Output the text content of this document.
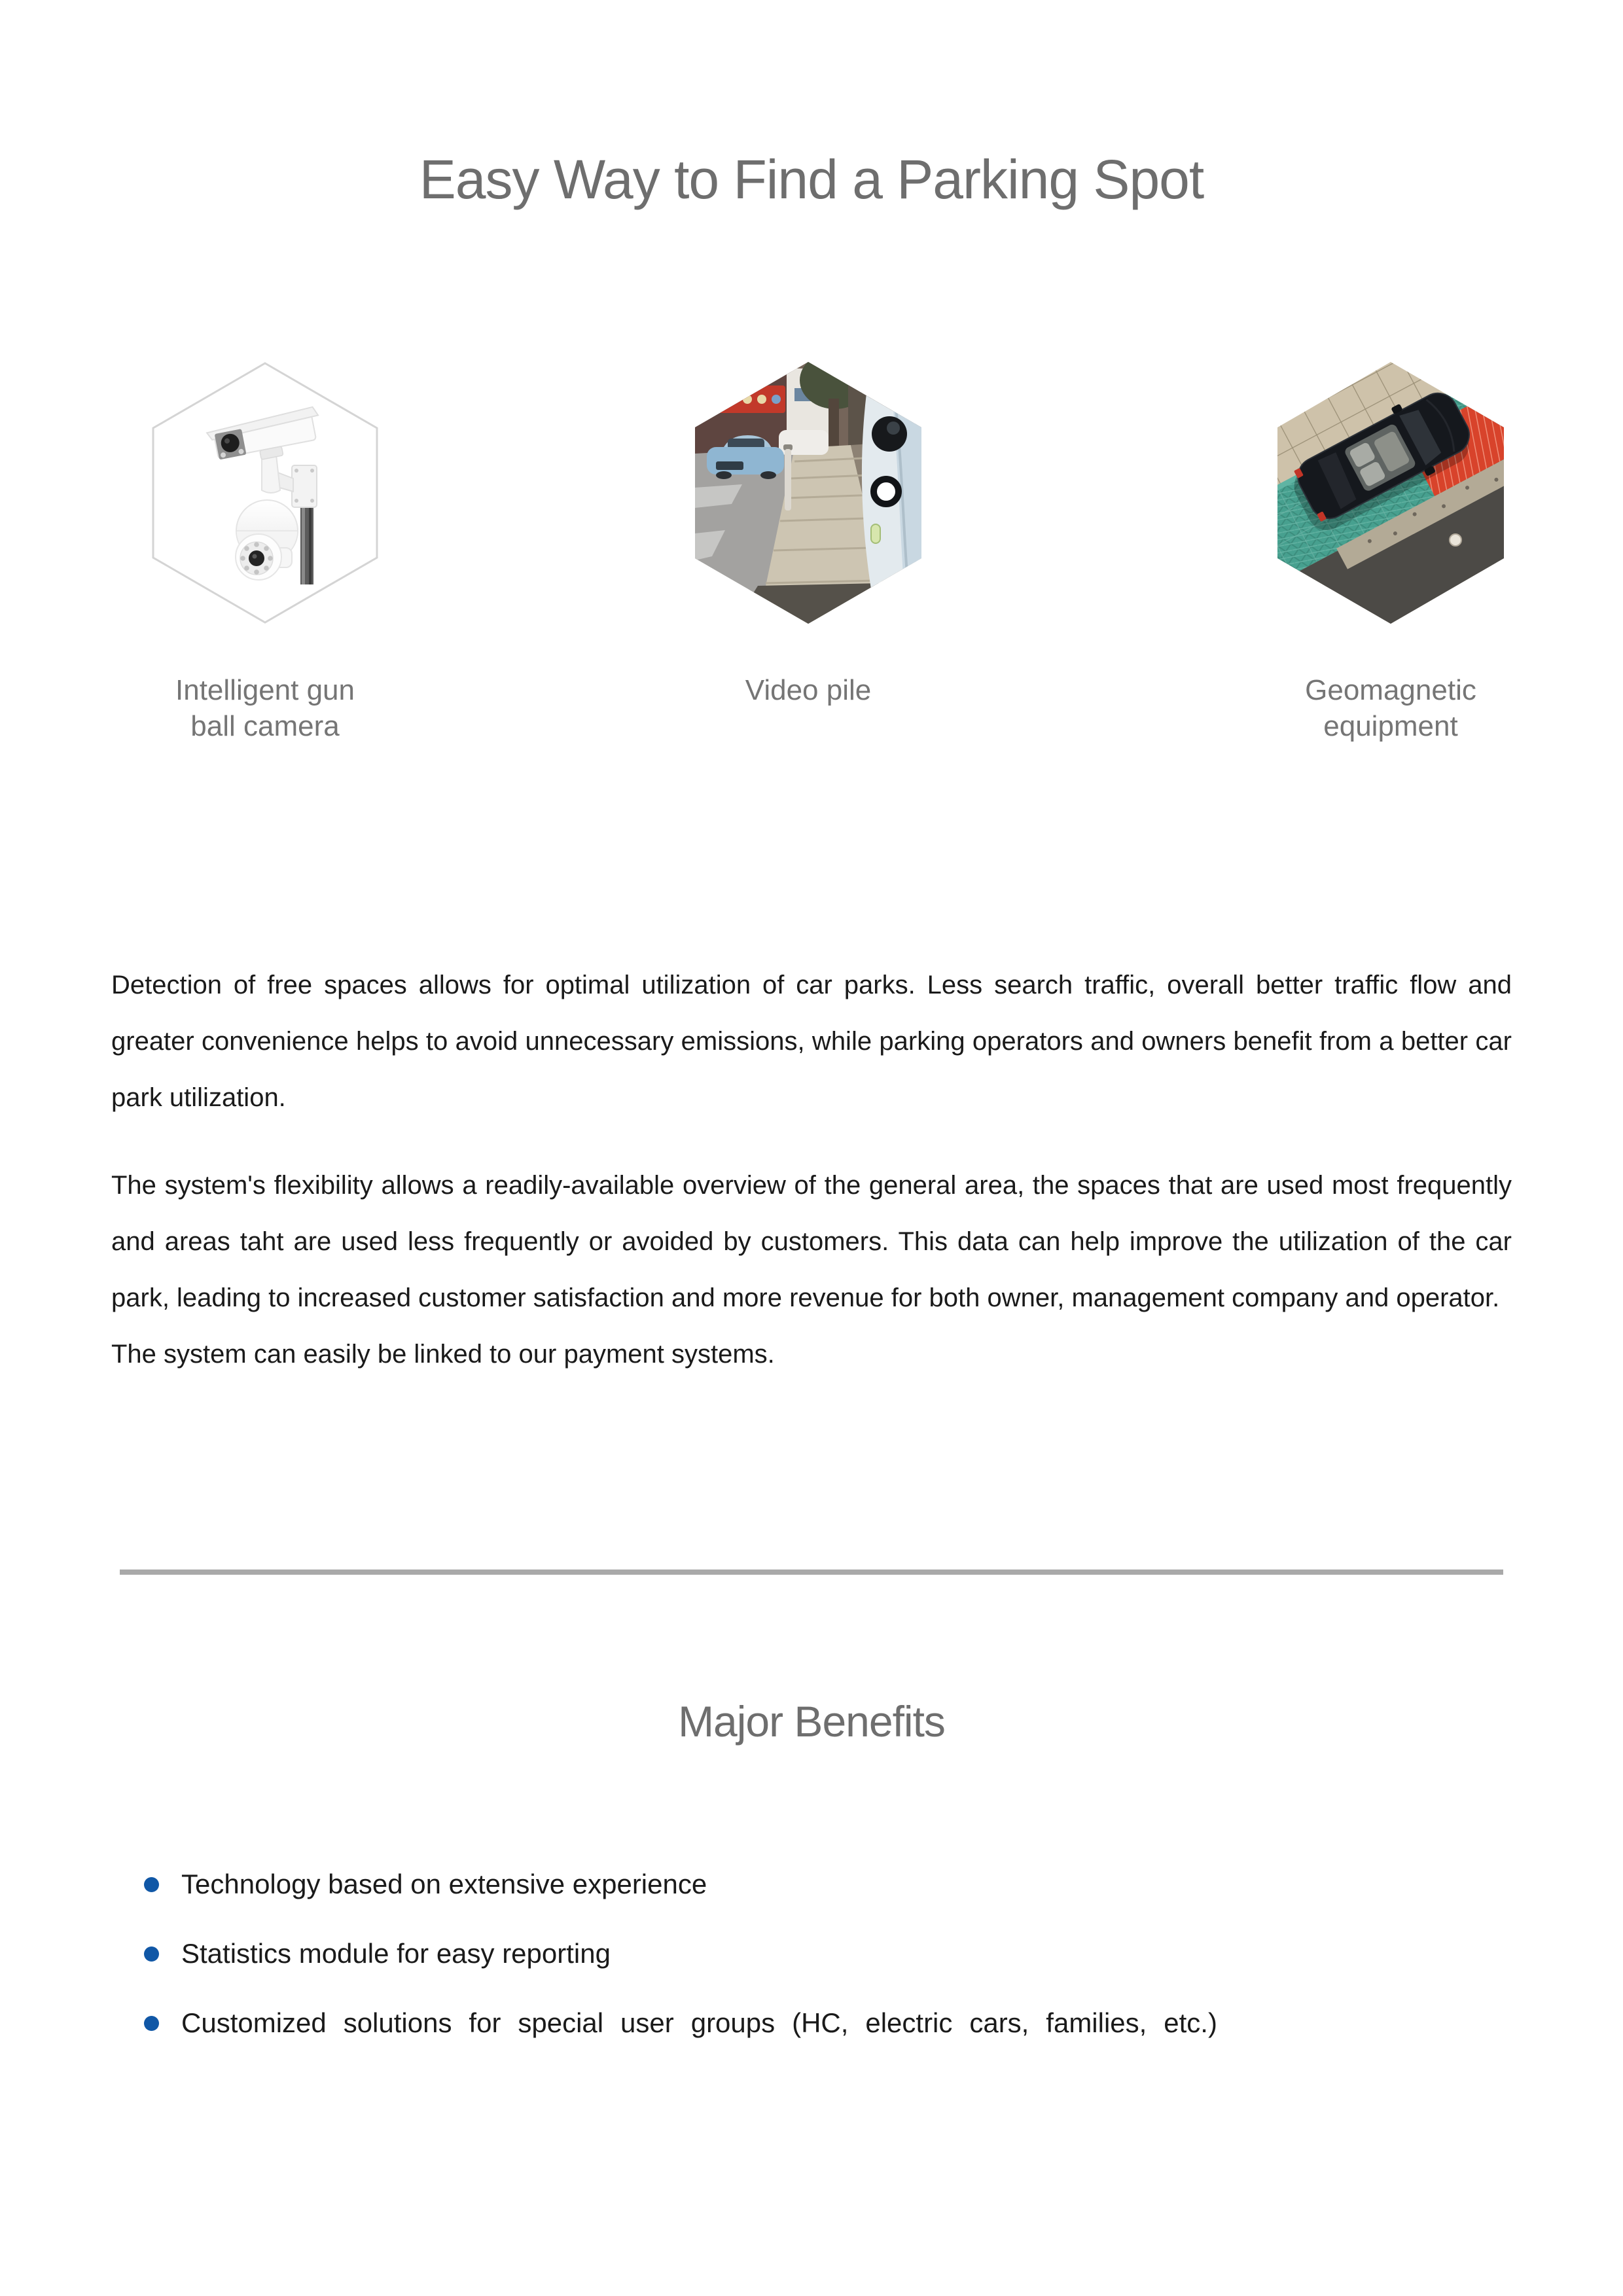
Easy Way to Find a Parking Spot
Intelligent gun
ball camera
Video pile	Geomagnetic
equipment

Detection of free spaces allows for optimal utilization of car parks. Less search traffic, overall better traffic flow and greater convenience helps to avoid unnecessary emissions, while parking operators and owners benefit from a better car park utilization.

The system's flexibility allows a readily-available overview of the general area, the spaces that are used most frequently and areas taht are used less frequently or avoided by customers. This data can help improve the utilization of the car park, leading to increased customer satisfaction and more revenue for both owner, management company and operator.

The system can easily be linked to our payment systems.

Major Benefits
Technology based on extensive experience
Statistics module for easy reporting
Customized solutions for special user groups (HC, electric cars, families, etc.)
